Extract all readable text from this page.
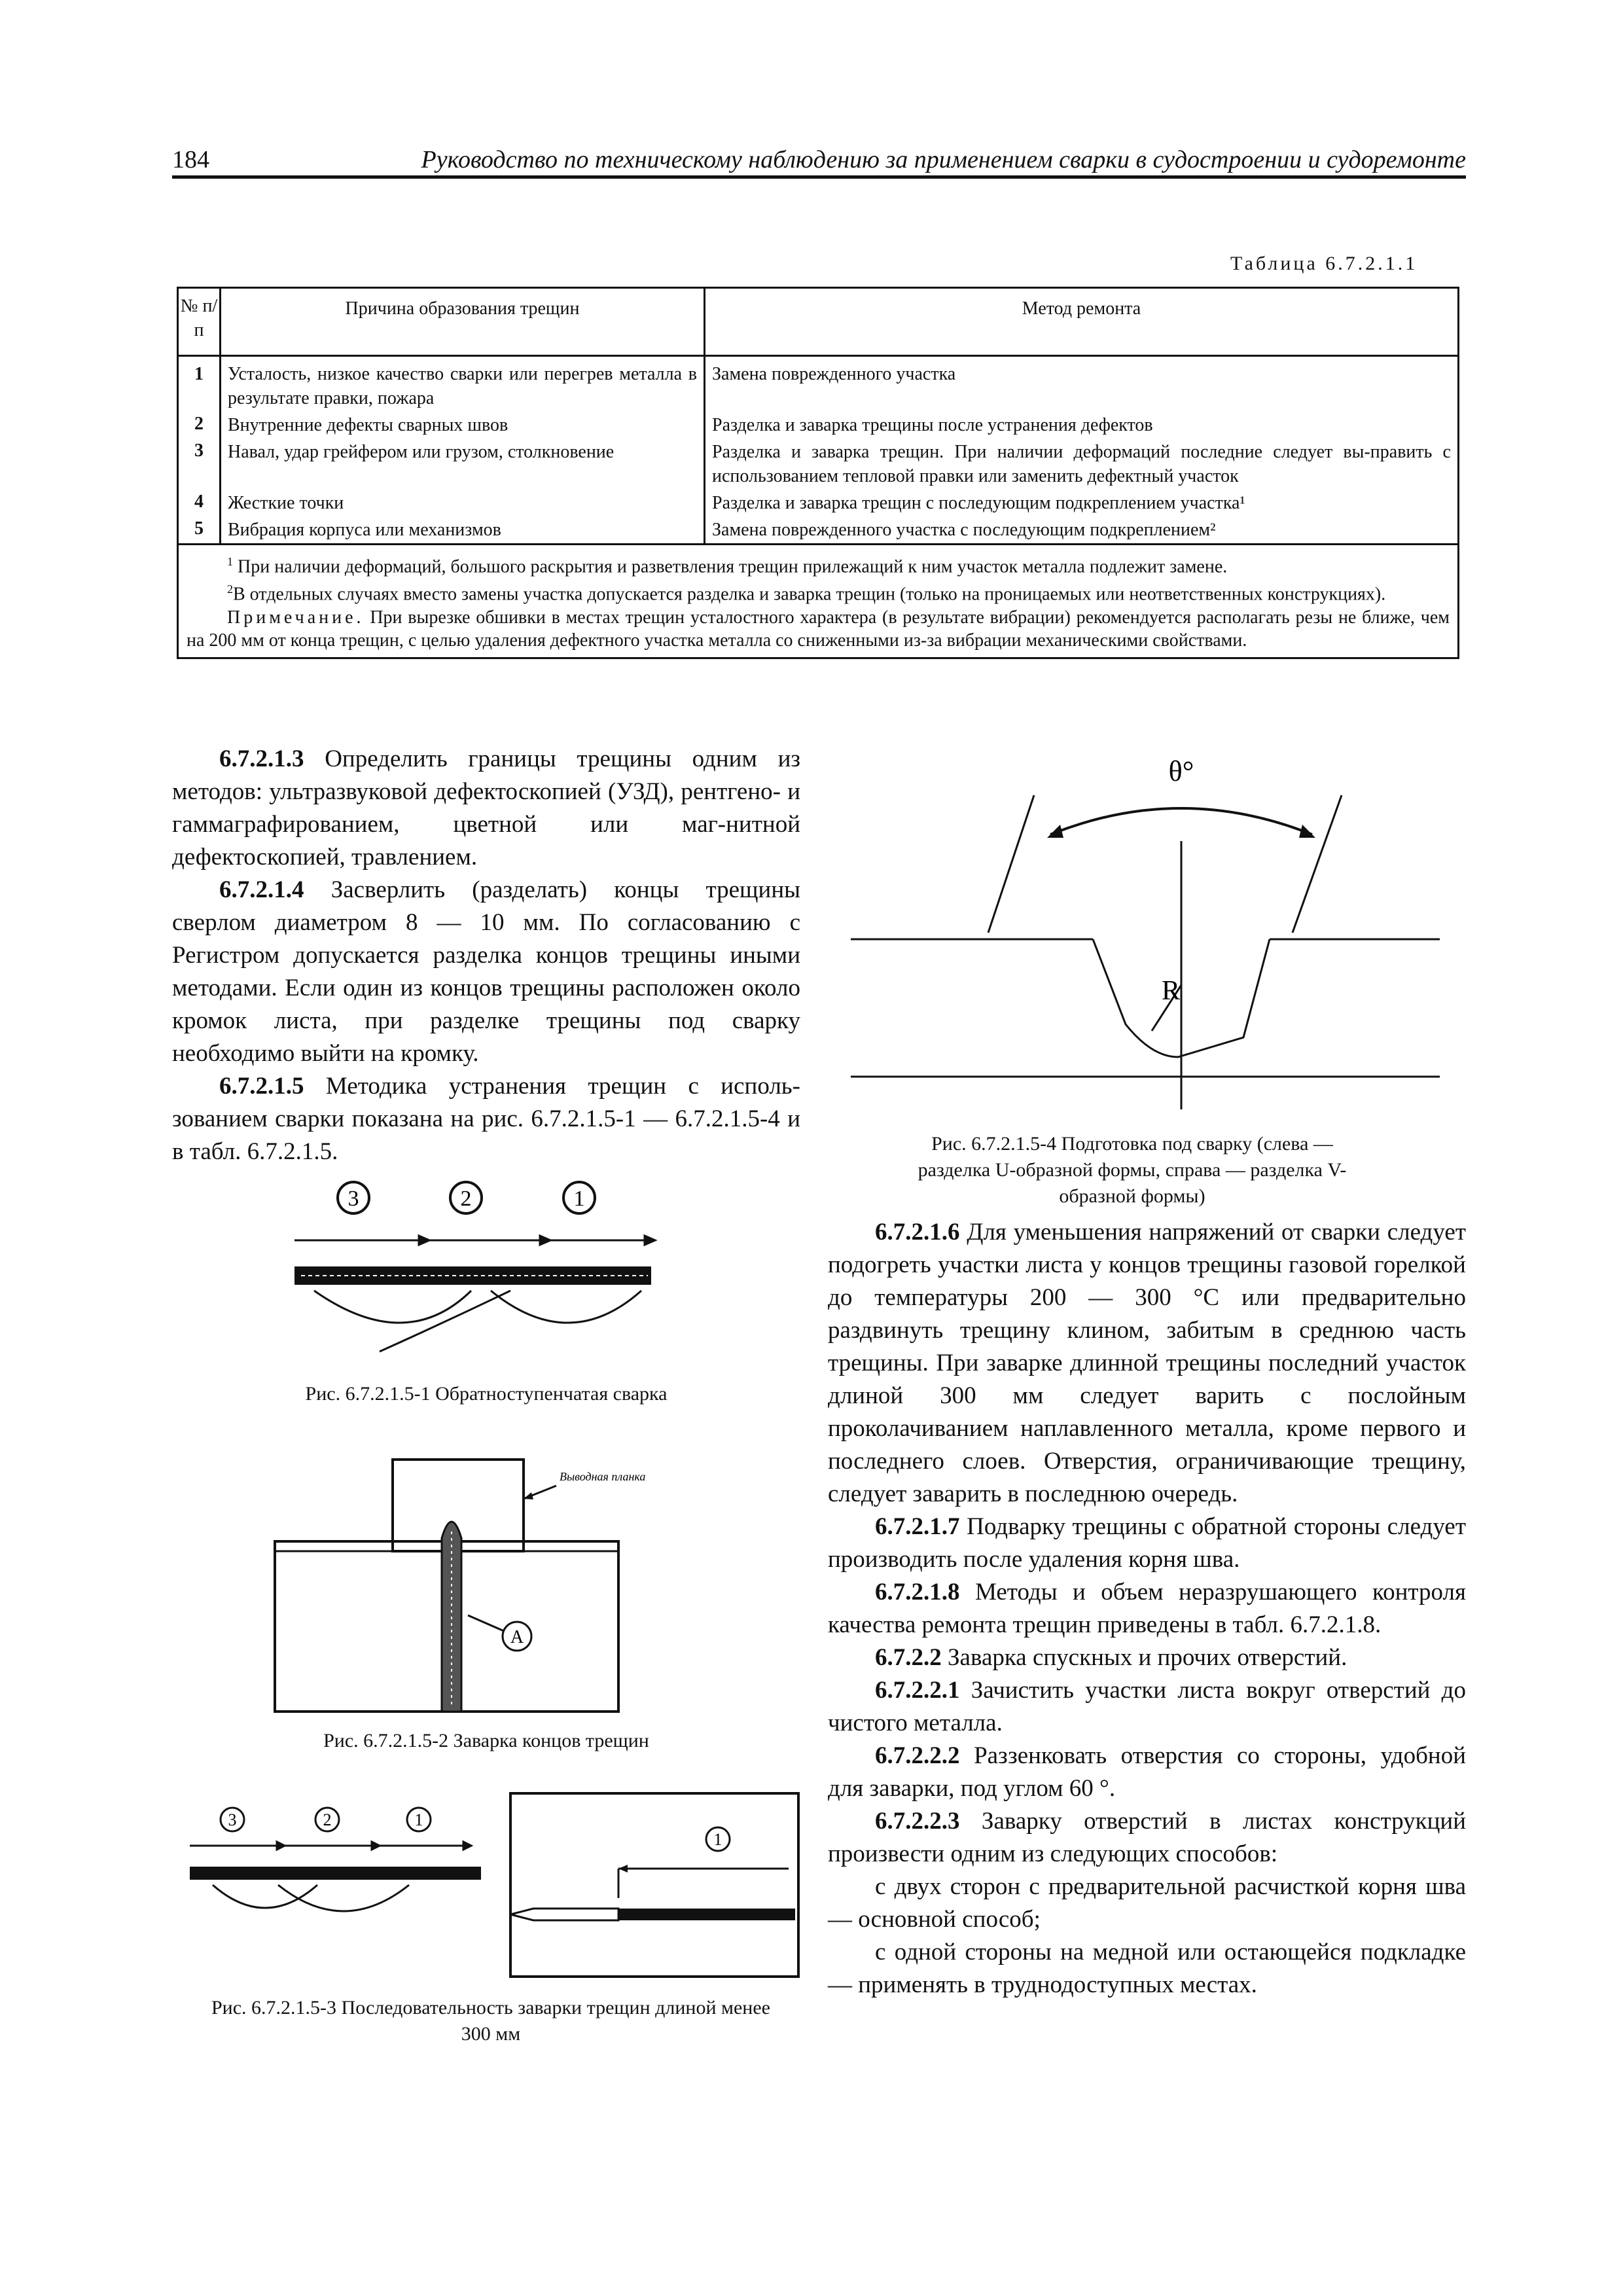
184	Руководство по техническому наблюдению за применением сварки в судостроении и судоремонте
Таблица 6.7.2.1.1
№ п/п	Причина образования трещин	Метод ремонта
1	Усталость, низкое качество сварки или перегрев металла в результате правки, пожара	Замена поврежденного участка
2	Внутренние дефекты сварных швов	Разделка и заварка трещины после устранения дефектов
3	Навал, удар грейфером или грузом, столкновение	Разделка и заварка трещин. При наличии деформаций последние следует вы-править с использованием тепловой правки или заменить дефектный участок
4	Жесткие точки	Разделка и заварка трещин с последующим подкреплением участка¹
5	Вибрация корпуса или механизмов	Замена поврежденного участка с последующим подкреплением²

$^1$ При наличии деформаций, большого раскрытия и разветвления трещин прилежащий к ним участок металла подлежит замене.
$^2$В отдельных случаях вместо замены участка допускается разделка и заварка трещин (только на проницаемых или неответственных конструкциях).
Примечание. При вырезке обшивки в местах трещин усталостного характера (в результате вибрации) рекомендуется располагать резы не ближе, чем на 200 мм от конца трещин, с целью удаления дефектного участка металла со сниженными из-за вибрации механическими свойствами.		

6.7.2.1.3 Определить границы трещины одним из методов: ультразвуковой дефектоскопией (УЗД), рентгено- и гаммаграфированием, цветной или маг-нитной дефектоскопией, травлением.

6.7.2.1.4 Засверлить (разделать) концы трещины сверлом диаметром 8 — 10 мм. По согласованию с Регистром допускается разделка концов трещины иными методами. Если один из концов трещины расположен около кромок листа, при разделке трещины под сварку необходимо выйти на кромку.

6.7.2.1.5 Методика устранения трещин с исполь-зованием сварки показана на рис. 6.7.2.1.5-1 — 6.7.2.1.5-4 и в табл. 6.7.2.1.5.

3	2	1
Рис. 6.7.2.1.5-1 Обратноступенчатая сварка
Выводная планка
A
Рис. 6.7.2.1.5-2 Заварка концов трещин
3	2	1
1
Рис. 6.7.2.1.5-3 Последовательность заварки трещин длиной менее 300 мм
θ°
R
Рис. 6.7.2.1.5-4 Подготовка под сварку (слева — разделка U-образной формы, справа — разделка V-образной формы)

6.7.2.1.6 Для уменьшения напряжений от сварки следует подогреть участки листа у концов трещины газовой горелкой до температуры 200 — 300 °С или предварительно раздвинуть трещину клином, забитым в среднюю часть трещины. При заварке длинной трещины последний участок длиной 300 мм следует варить с послойным проколачиванием наплавленного металла, кроме первого и последнего слоев. Отверстия, ограничивающие трещину, следует заварить в последнюю очередь.

6.7.2.1.7 Подварку трещины с обратной стороны следует производить после удаления корня шва.

6.7.2.1.8 Методы и объем неразрушающего контроля качества ремонта трещин приведены в табл. 6.7.2.1.8.

6.7.2.2 Заварка спускных и прочих отверстий.

6.7.2.2.1 Зачистить участки листа вокруг отверстий до чистого металла.

6.7.2.2.2 Раззенковать отверстия со стороны, удобной для заварки, под углом 60 °.

6.7.2.2.3 Заварку отверстий в листах конструкций произвести одним из следующих способов:

с двух сторон с предварительной расчисткой корня шва — основной способ;

с одной стороны на медной или остающейся подкладке — применять в труднодоступных местах.
